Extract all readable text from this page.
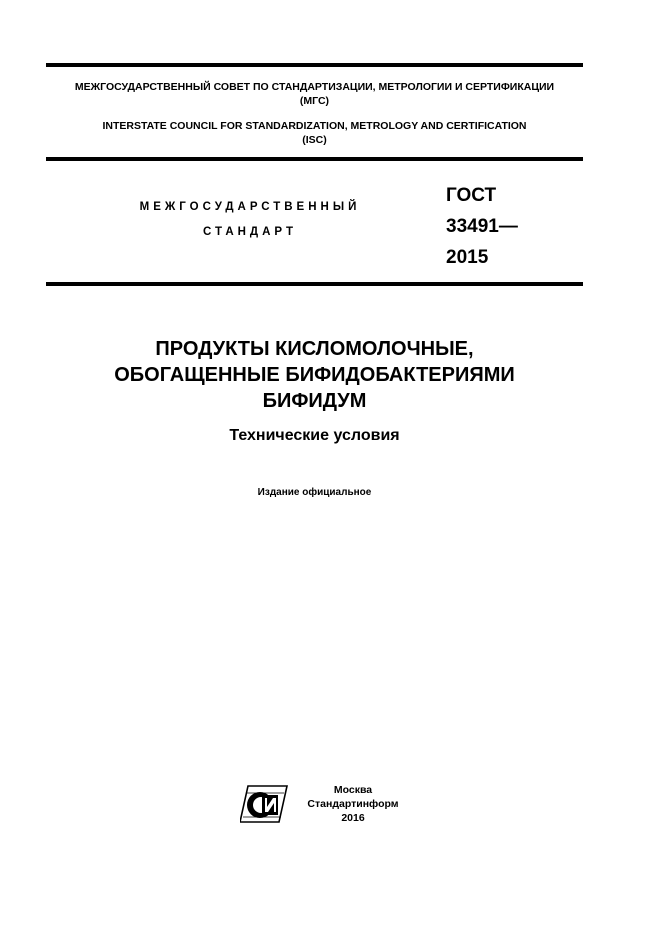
МЕЖГОСУДАРСТВЕННЫЙ СОВЕТ ПО СТАНДАРТИЗАЦИИ, МЕТРОЛОГИИ И СЕРТИФИКАЦИИ
(МГС)
INTERSTATE COUNCIL FOR STANDARDIZATION, METROLOGY AND CERTIFICATION
(ISC)
МЕЖГОСУДАРСТВЕННЫЙ
СТАНДАРТ
ГОСТ
33491—
2015
ПРОДУКТЫ КИСЛОМОЛОЧНЫЕ,
ОБОГАЩЕННЫЕ БИФИДОБАКТЕРИЯМИ
БИФИДУМ
Технические условия
Издание официальное
Москва
Стандартинформ
2016
